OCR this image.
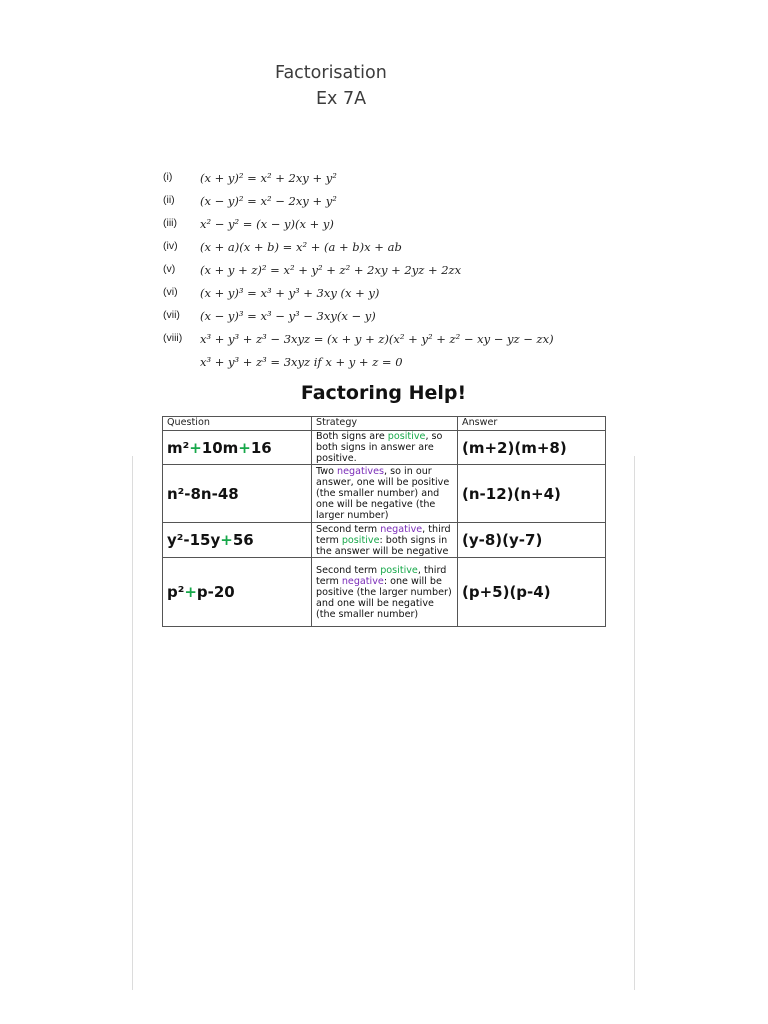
Factorisation
Ex 7A
(i) (x + y)² = x² + 2xy + y²
(ii) (x − y)² = x² − 2xy + y²
(iii) x² − y² = (x − y)(x + y)
(iv) (x + a)(x + b) = x² + (a + b)x + ab
(v) (x + y + z)² = x² + y² + z² + 2xy + 2yz + 2zx
(vi) (x + y)³ = x³ + y³ + 3xy (x + y)
(vii) (x − y)³ = x³ − y³ − 3xy(x − y)
(viii) x³ + y³ + z³ − 3xyz = (x + y + z)(x² + y² + z² − xy − yz − zx)
x³ + y³ + z³ = 3xyz if x + y + z = 0
Factoring Help!
Question	Strategy	Answer
m²+10m+16	Both signs are positive, so both signs in answer are positive.	(m+2)(m+8)
n²-8n-48	Two negatives, so in our answer, one will be positive (the smaller number) and one will be negative (the larger number)	(n-12)(n+4)
y²-15y+56	Second term negative, third term positive: both signs in the answer will be negative	(y-8)(y-7)
p²+p-20	Second term positive, third term negative: one will be positive (the larger number) and one will be negative (the smaller number)	(p+5)(p-4)
